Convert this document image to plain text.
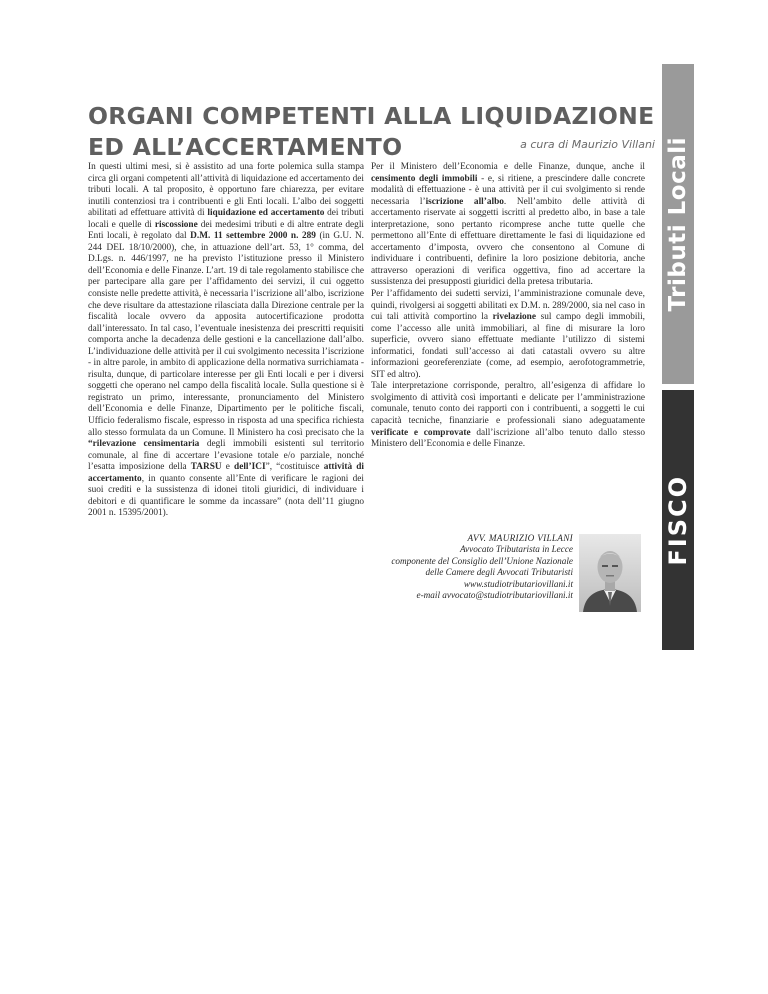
Tributi Locali
FISCO
ORGANI COMPETENTI ALLA LIQUIDAZIONE
ED ALL’ACCERTAMENTO	a cura di Maurizio Villani

In questi ultimi mesi, si è assistito ad una forte polemica sulla stampa circa gli organi competenti all’attività di liquidazione ed accertamento dei tributi locali. A tal proposito, è opportuno fare chiarezza, per evitare inutili contenziosi tra i contribuenti e gli Enti locali. L’albo dei soggetti abilitati ad effettuare attività di liquidazione ed accertamento dei tributi locali e quelle di riscossione dei medesimi tributi e di altre entrate degli Enti locali, è regolato dal D.M. 11 settembre 2000 n. 289 (in G.U. N. 244 DEL 18/10/2000), che, in attuazione dell’art. 53, 1° comma, del D.Lgs. n. 446/1997, ne ha previsto l’istituzione presso il Ministero dell’Economia e delle Finanze. L’art. 19 di tale regolamento stabilisce che per partecipare alla gare per l’affidamento dei servizi, il cui oggetto consiste nelle predette attività, è necessaria l’iscrizione all’albo, iscrizione che deve risultare da attestazione rilasciata dalla Direzione centrale per la fiscalità locale ovvero da apposita autocertificazione prodotta dall’interessato. In tal caso, l’eventuale inesistenza dei prescritti requisiti comporta anche la decadenza delle gestioni e la cancellazione dall’albo. L’individuazione delle attività per il cui svolgimento necessita l’iscrizione - in altre parole, in ambito di applicazione della normativa surrichiamata - risulta, dunque, di particolare interesse per gli Enti locali e per i diversi soggetti che operano nel campo della fiscalità locale. Sulla questione si è registrato un primo, interessante, pronunciamento del Ministero dell’Economia e delle Finanze, Dipartimento per le politiche fiscali, Ufficio federalismo fiscale, espresso in risposta ad una specifica richiesta allo stesso formulata da un Comune. Il Ministero ha così precisato che la “rilevazione censimentaria degli immobili esistenti sul territorio comunale, al fine di accertare l’evasione totale e/o parziale, nonché l’esatta imposizione della TARSU e dell’ICI”, “costituisce attività di accertamento, in quanto consente all’Ente di verificare le ragioni dei suoi crediti e la sussistenza di idonei titoli giuridici, di individuare i debitori e di quantificare le somme da incassare” (nota dell’11 giugno 2001 n. 15395/2001).

Per il Ministero dell’Economia e delle Finanze, dunque, anche il censimento degli immobili - e, si ritiene, a prescindere dalle concrete modalità di effettuazione - è una attività per il cui svolgimento si rende necessaria l’iscrizione all’albo. Nell’ambito delle attività di accertamento riservate ai soggetti iscritti al predetto albo, in base a tale interpretazione, sono pertanto ricomprese anche tutte quelle che permettono all’Ente di effettuare direttamente le fasi di liquidazione ed accertamento d’imposta, ovvero che consentono al Comune di individuare i contribuenti, definire la loro posizione debitoria, anche attraverso operazioni di verifica oggettiva, fino ad accertare la sussistenza dei presupposti giuridici della pretesa tributaria.

Per l’affidamento dei sudetti servizi, l’amministrazione comunale deve, quindi, rivolgersi ai soggetti abilitati ex D.M. n. 289/2000, sia nel caso in cui tali attività comportino la rivelazione sul campo degli immobili, come l’accesso alle unità immobiliari, al fine di misurare la loro superficie, ovvero siano effettuate mediante l’utilizzo di sistemi informatici, fondati sull’accesso ai dati catastali ovvero su altre informazioni georeferenziate (come, ad esempio, aerofotogrammetrie, SIT ed altro).

Tale interpretazione corrisponde, peraltro, all’esigenza di affidare lo svolgimento di attività così importanti e delicate per l’amministrazione comunale, tenuto conto dei rapporti con i contribuenti, a soggetti le cui capacità tecniche, finanziarie e professionali siano adeguatamente verificate e comprovate dall’iscrizione all’albo tenuto dallo stesso Ministero dell’Economia e delle Finanze.

AVV. MAURIZIO VILLANI
Avvocato Tributarista in Lecce
componente del Consiglio dell’Unione Nazionale
delle Camere degli Avvocati Tributaristi
www.studiotributariovillani.it
e-mail avvocato@studiotributariovillani.it
